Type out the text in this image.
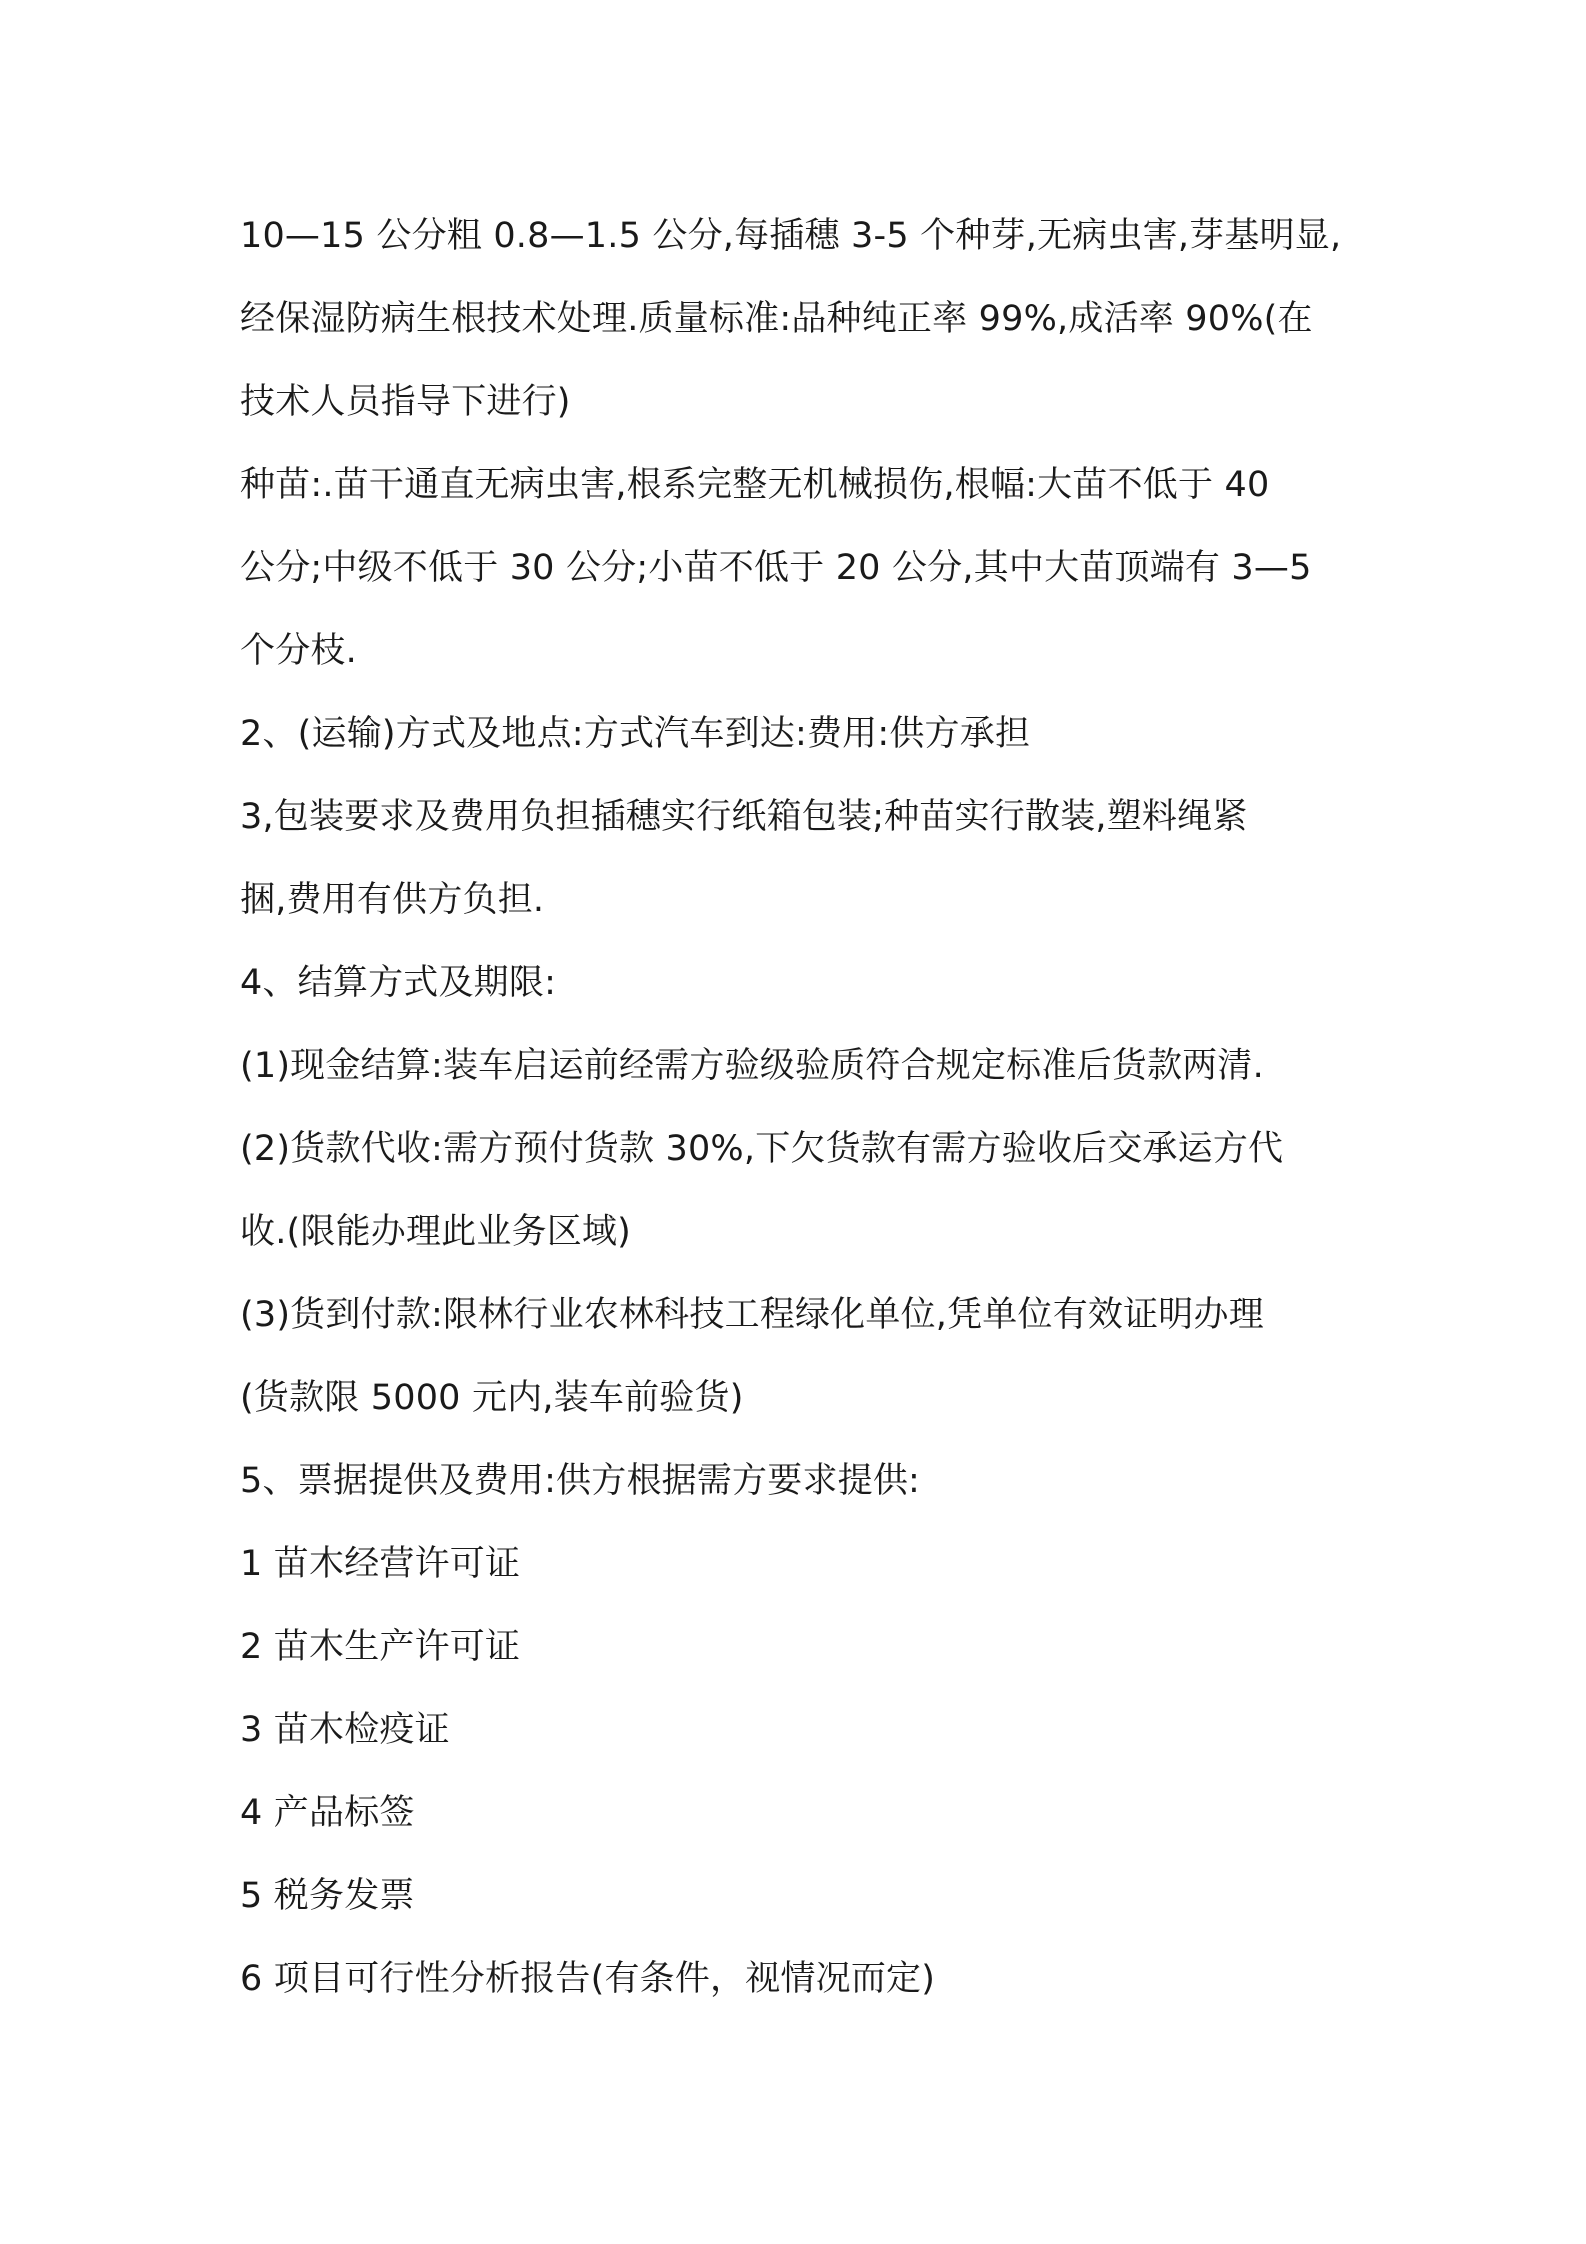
10—15 公分粗 0.8—1.5 公分,每插穗 3-5 个种芽,无病虫害,芽基明显,
经保湿防病生根技术处理.质量标准:品种纯正率 99%,成活率 90%(在
技术人员指导下进行)
种苗:.苗干通直无病虫害,根系完整无机械损伤,根幅:大苗不低于 40
公分;中级不低于 30 公分;小苗不低于 20 公分,其中大苗顶端有 3—5
个分枝.
2、(运输)方式及地点:方式汽车到达:费用:供方承担
3,包装要求及费用负担插穗实行纸箱包装;种苗实行散装,塑料绳紧
捆,费用有供方负担.
4、结算方式及期限:
(1)现金结算:装车启运前经需方验级验质符合规定标准后货款两清.
(2)货款代收:需方预付货款 30%,下欠货款有需方验收后交承运方代
收.(限能办理此业务区域)
(3)货到付款:限林行业农林科技工程绿化单位,凭单位有效证明办理
(货款限 5000 元内,装车前验货)
5、票据提供及费用:供方根据需方要求提供:
1 苗木经营许可证
2 苗木生产许可证
3 苗木检疫证
4 产品标签
5 税务发票
6 项目可行性分析报告(有条件，视情况而定)
